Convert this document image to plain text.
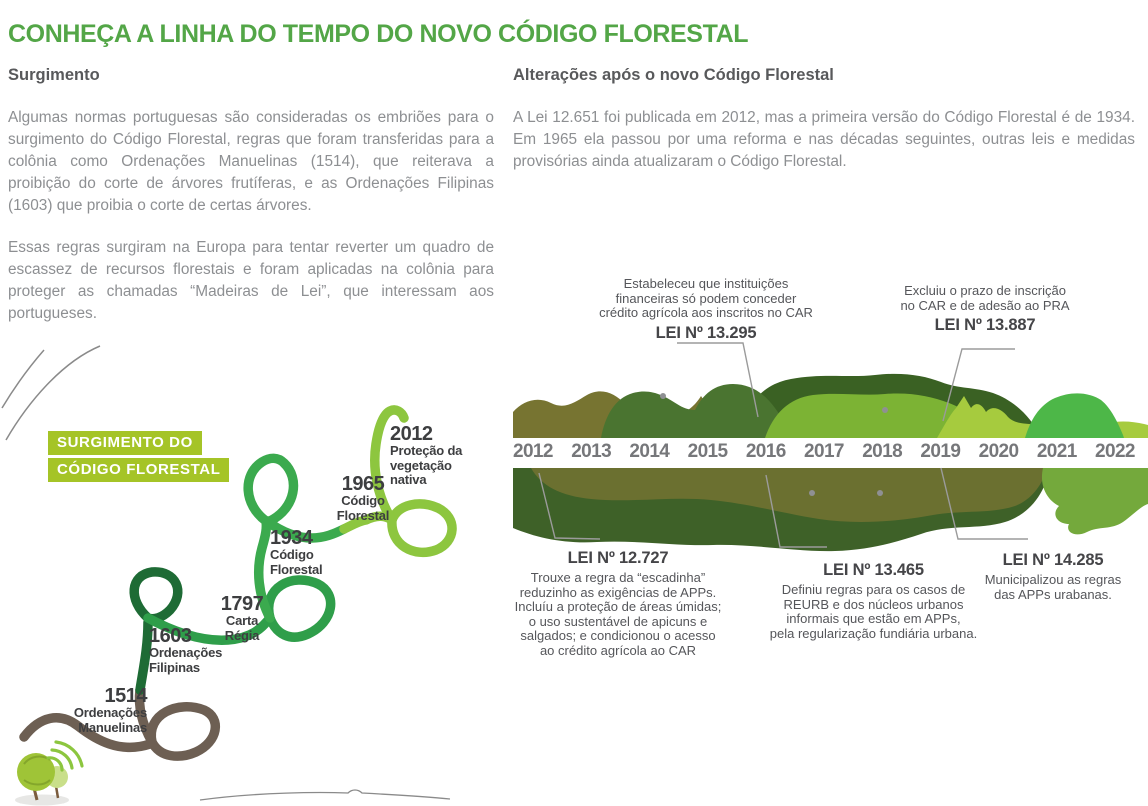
CONHEÇA A LINHA DO TEMPO DO NOVO CÓDIGO FLORESTAL
Surgimento

Algumas normas portuguesas são consideradas os embriões para o surgimento do Código Florestal, regras que foram transferidas para a colônia como Ordenações Manuelinas (1514), que reiterava a proibição do corte de árvores frutíferas, e as Ordenações Filipinas (1603) que proibia o corte de certas árvores.

Essas regras surgiram na Europa para tentar reverter um quadro de escassez de recursos florestais e foram aplicadas na colônia para proteger as chamadas “Madeiras de Lei”, que interessam aos portugueses.

Alterações após o novo Código Florestal

A Lei 12.651 foi publicada em 2012, mas a primeira versão do Código Florestal é de 1934. Em 1965 ela passou por uma reforma e nas décadas seguintes, outras leis e medidas provisórias ainda atualizaram o Código Florestal.

2012 2013 2014 2015 2016 2017 2018 2019 2020 2021 2022
Estabeleceu que instituições
financeiras só podem conceder
crédito agrícola aos inscritos no CAR
LEI Nº 13.295
Excluiu o prazo de inscrição
no CAR e de adesão ao PRA
LEI Nº 13.887
LEI Nº 12.727
Trouxe a regra da “escadinha”
reduzinho as exigências de APPs.
Incluíu a proteção de áreas úmidas;
o uso sustentável de apicuns e
salgados; e condicionou o acesso
ao crédito agrícola ao CAR
LEI Nº 13.465
Definiu regras para os casos de
REURB e dos núcleos urbanos
informais que estão em APPs,
pela regularização fundiária urbana.
LEI Nº 14.285
Municipalizou as regras
das APPs urabanas.
SURGIMENTO DO
CÓDIGO FLORESTAL
1514
Ordenações
Manuelinas
1603
Ordenações
Filipinas
1797
Carta
Régia
1934
Código
Florestal
1965
Código
Florestal
2012
Proteção da
vegetação
nativa
